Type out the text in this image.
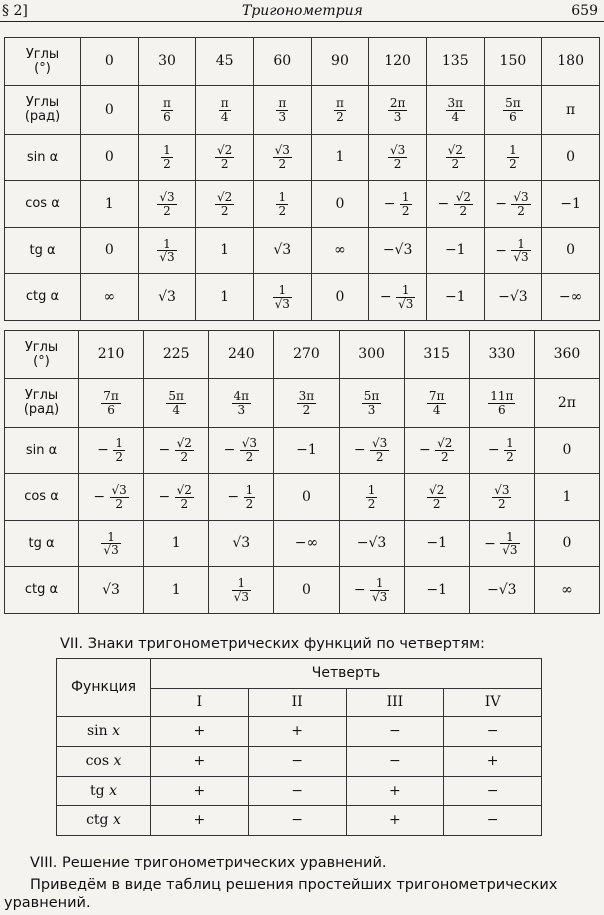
§ 2]	Тригонометрия	659
Углы
(°)	0	30	45	60	90	120	135	150	180
Углы
(рад)	0	$\frac{\pi}{6}$	$\frac{\pi}{4}$	$\frac{\pi}{3}$	$\frac{\pi}{2}$	$\frac{2\pi}{3}$	$\frac{3\pi}{4}$	$\frac{5\pi}{6}$	π
sin α	0	$\frac{1}{2}$	$\frac{√2}{2}$	$\frac{√3}{2}$	1	$\frac{√3}{2}$	$\frac{√2}{2}$	$\frac{1}{2}$	0
cos α	1	$\frac{√3}{2}$	$\frac{√2}{2}$	$\frac{1}{2}$	0	− $\frac{1}{2}$	− $\frac{√2}{2}$	− $\frac{√3}{2}$	−1
tg α	0	$\frac{1}{√3}$	1	√3	∞	−√3	−1	− $\frac{1}{√3}$	0
ctg α	∞	√3	1	$\frac{1}{√3}$	0	− $\frac{1}{√3}$	−1	−√3	−∞
Углы
(°)	210	225	240	270	300	315	330	360
Углы
(рад)	$\frac{7\pi}{6}$	$\frac{5\pi}{4}$	$\frac{4\pi}{3}$	$\frac{3\pi}{2}$	$\frac{5\pi}{3}$	$\frac{7\pi}{4}$	$\frac{11\pi}{6}$	2π
sin α	− $\frac{1}{2}$	− $\frac{√2}{2}$	− $\frac{√3}{2}$	−1	− $\frac{√3}{2}$	− $\frac{√2}{2}$	− $\frac{1}{2}$	0
cos α	− $\frac{√3}{2}$	− $\frac{√2}{2}$	− $\frac{1}{2}$	0	$\frac{1}{2}$	$\frac{√2}{2}$	$\frac{√3}{2}$	1
tg α	$\frac{1}{√3}$	1	√3	−∞	−√3	−1	− $\frac{1}{√3}$	0
ctg α	√3	1	$\frac{1}{√3}$	0	− $\frac{1}{√3}$	−1	−√3	∞
VII. Знаки тригонометрических функций по четвертям:
Функция	Четверть			
	I	II	III	IV
sin x	+	+	−	−
cos x	+	−	−	+
tg x	+	−	+	−
ctg x	+	−	+	−
VIII. Решение тригонометрических уравнений.
Приведём в виде таблиц решения простейших тригонометрических уравнений.
